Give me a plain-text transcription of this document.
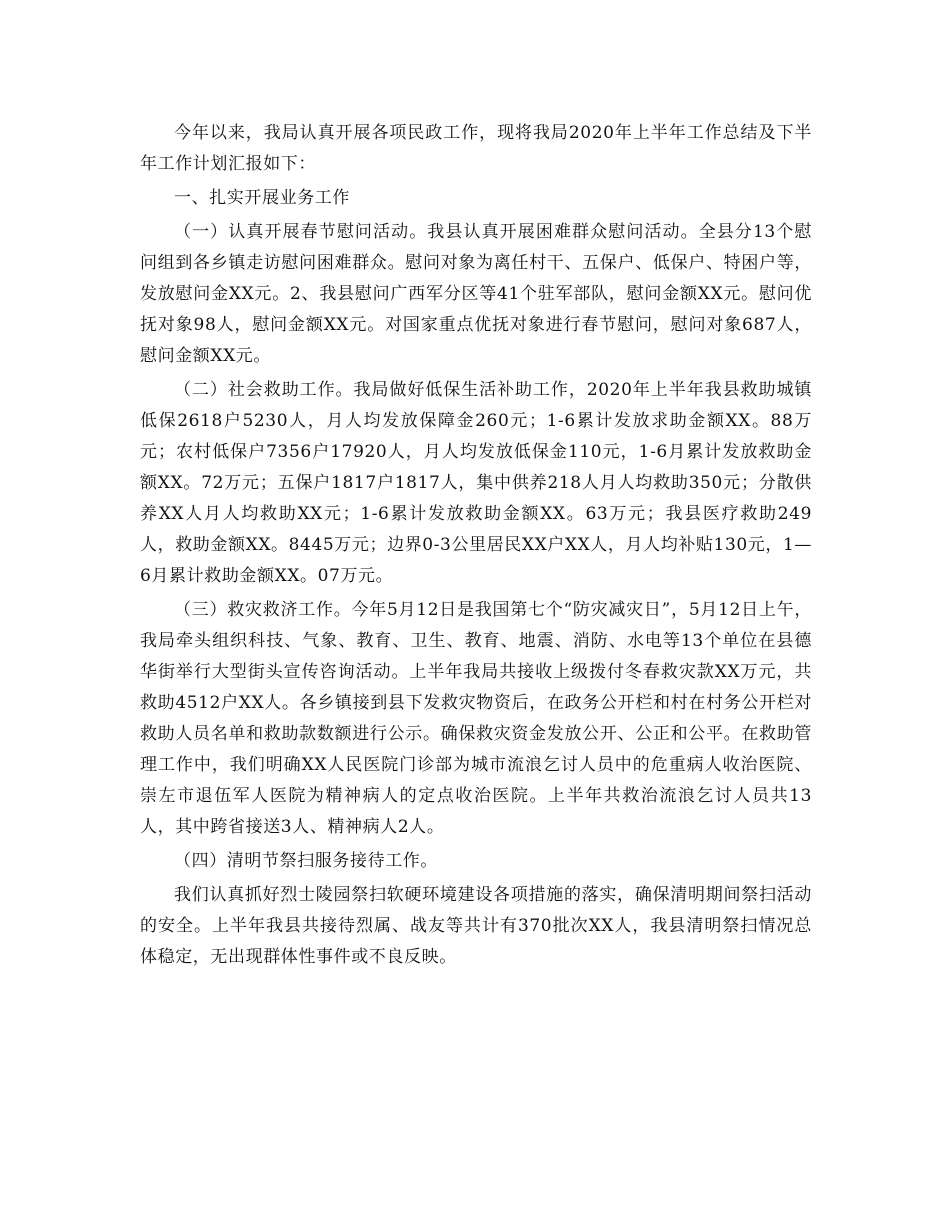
今年以来，我局认真开展各项民政工作，现将我局2020年上半年工作总结及下半年工作计划汇报如下：

一、扎实开展业务工作

（一）认真开展春节慰问活动。我县认真开展困难群众慰问活动。全县分13个慰问组到各乡镇走访慰问困难群众。慰问对象为离任村干、五保户、低保户、特困户等，发放慰问金XX元。2、我县慰问广西军分区等41个驻军部队，慰问金额XX元。慰问优抚对象98人，慰问金额XX元。对国家重点优抚对象进行春节慰问，慰问对象687人，慰问金额XX元。

（二）社会救助工作。我局做好低保生活补助工作，2020年上半年我县救助城镇低保2618户5230人，月人均发放保障金260元；1-6累计发放求助金额XX。88万元；农村低保户7356户17920人，月人均发放低保金110元，1-6月累计发放救助金额XX。72万元；五保户1817户1817人，集中供养218人月人均救助350元；分散供养XX人月人均救助XX元；1-6累计发放救助金额XX。63万元；我县医疗救助249人，救助金额XX。8445万元；边界0-3公里居民XX户XX人，月人均补贴130元，1—6月累计救助金额XX。07万元。

（三）救灾救济工作。今年5月12日是我国第七个“防灾减灾日”，5月12日上午，我局牵头组织科技、气象、教育、卫生、教育、地震、消防、水电等13个单位在县德华街举行大型街头宣传咨询活动。上半年我局共接收上级拨付冬春救灾款XX万元，共救助4512户XX人。各乡镇接到县下发救灾物资后，在政务公开栏和村在村务公开栏对救助人员名单和救助款数额进行公示。确保救灾资金发放公开、公正和公平。在救助管理工作中，我们明确XX人民医院门诊部为城市流浪乞讨人员中的危重病人收治医院、崇左市退伍军人医院为精神病人的定点收治医院。上半年共救治流浪乞讨人员共13人，其中跨省接送3人、精神病人2人。

（四）清明节祭扫服务接待工作。

我们认真抓好烈士陵园祭扫软硬环境建设各项措施的落实，确保清明期间祭扫活动的安全。上半年我县共接待烈属、战友等共计有370批次XX人，我县清明祭扫情况总体稳定，无出现群体性事件或不良反映。
